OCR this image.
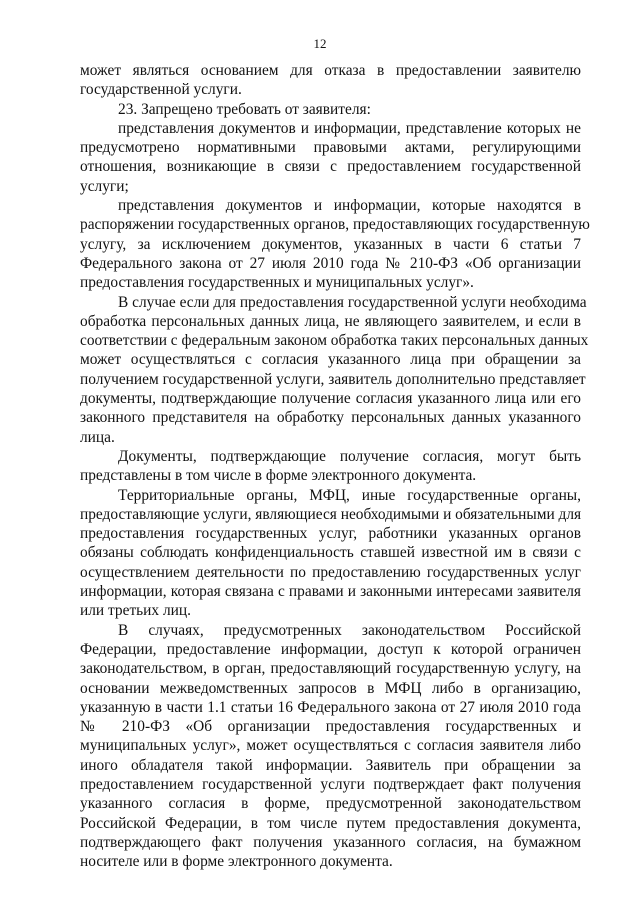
12
может являться основанием для отказа в предоставлении заявителю
государственной услуги.
23. Запрещено требовать от заявителя:
представления документов и информации, представление которых не
предусмотрено нормативными правовыми актами, регулирующими
отношения, возникающие в связи с предоставлением государственной
услуги;
представления документов и информации, которые находятся в
распоряжении государственных органов, предоставляющих государственную
услугу, за исключением документов, указанных в части 6 статьи 7
Федерального закона от 27 июля 2010 года № 210-ФЗ «Об организации
предоставления государственных и муниципальных услуг».
В случае если для предоставления государственной услуги необходима
обработка персональных данных лица, не являющего заявителем, и если в
соответствии с федеральным законом обработка таких персональных данных
может осуществляться с согласия указанного лица при обращении за
получением государственной услуги, заявитель дополнительно представляет
документы, подтверждающие получение согласия указанного лица или его
законного представителя на обработку персональных данных указанного
лица.
Документы, подтверждающие получение согласия, могут быть
представлены в том числе в форме электронного документа.
Территориальные органы, МФЦ, иные государственные органы,
предоставляющие услуги, являющиеся необходимыми и обязательными для
предоставления государственных услуг, работники указанных органов
обязаны соблюдать конфиденциальность ставшей известной им в связи с
осуществлением деятельности по предоставлению государственных услуг
информации, которая связана с правами и законными интересами заявителя
или третьих лиц.
В случаях, предусмотренных законодательством Российской
Федерации, предоставление информации, доступ к которой ограничен
законодательством, в орган, предоставляющий государственную услугу, на
основании межведомственных запросов в МФЦ либо в организацию,
указанную в части 1.1 статьи 16 Федерального закона от 27 июля 2010 года
№ 210-ФЗ «Об организации предоставления государственных и
муниципальных услуг», может осуществляться с согласия заявителя либо
иного обладателя такой информации. Заявитель при обращении за
предоставлением государственной услуги подтверждает факт получения
указанного согласия в форме, предусмотренной законодательством
Российской Федерации, в том числе путем предоставления документа,
подтверждающего факт получения указанного согласия, на бумажном
носителе или в форме электронного документа.
